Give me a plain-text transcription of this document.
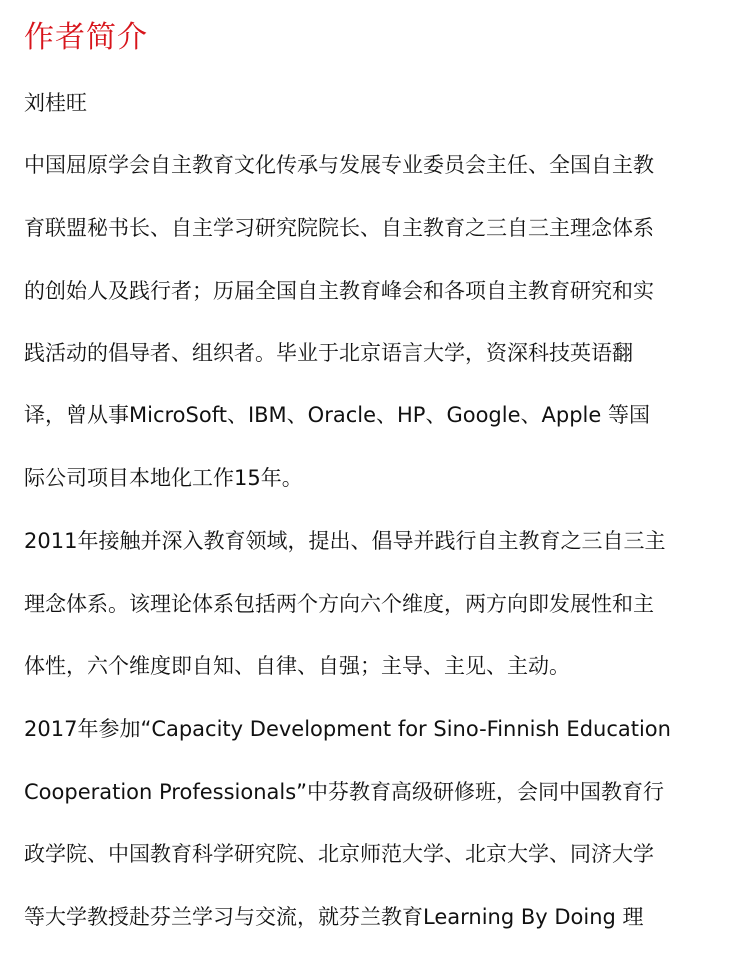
作者简介
刘桂旺
中国屈原学会自主教育文化传承与发展专业委员会主任、全国自主教
育联盟秘书长、自主学习研究院院长、自主教育之三自三主理念体系
的创始人及践行者；历届全国自主教育峰会和各项自主教育研究和实
践活动的倡导者、组织者。毕业于北京语言大学，资深科技英语翻
译，曾从事MicroSoft、IBM、Oracle、HP、Google、Apple 等国
际公司项目本地化工作15年。
2011年接触并深入教育领域，提出、倡导并践行自主教育之三自三主
理念体系。该理论体系包括两个方向六个维度，两方向即发展性和主
体性，六个维度即自知、自律、自强；主导、主见、主动。
2017年参加“Capacity Development for Sino-Finnish Education
Cooperation Professionals”中芬教育高级研修班，会同中国教育行
政学院、中国教育科学研究院、北京师范大学、北京大学、同济大学
等大学教授赴芬兰学习与交流，就芬兰教育Learning By Doing 理
